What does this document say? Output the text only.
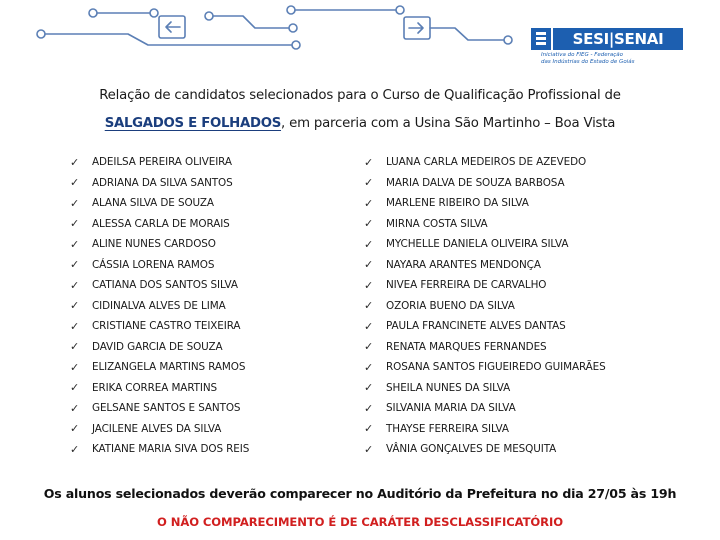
SESI|SENAI
Iniciativa do FIEG - Federação
das Indústrias do Estado de Goiás
Relação de candidatos selecionados para o Curso de Qualificação Profissional de
SALGADOS E FOLHADOS, em parceria com a Usina São Martinho – Boa Vista
✓	ADEILSA PEREIRA OLIVEIRA
✓	ADRIANA DA SILVA SANTOS
✓	ALANA SILVA DE SOUZA
✓	ALESSA CARLA DE MORAIS
✓	ALINE NUNES CARDOSO
✓	CÁSSIA LORENA RAMOS
✓	CATIANA DOS SANTOS SILVA
✓	CIDINALVA ALVES DE LIMA
✓	CRISTIANE CASTRO TEIXEIRA
✓	DAVID GARCIA DE SOUZA
✓	ELIZANGELA MARTINS RAMOS
✓	ERIKA CORREA MARTINS
✓	GELSANE SANTOS E SANTOS
✓	JACILENE ALVES DA SILVA
✓	KATIANE MARIA SIVA DOS REIS
✓	LUANA CARLA MEDEIROS DE AZEVEDO
✓	MARIA DALVA DE SOUZA BARBOSA
✓	MARLENE RIBEIRO DA SILVA
✓	MIRNA COSTA SILVA
✓	MYCHELLE DANIELA OLIVEIRA SILVA
✓	NAYARA ARANTES MENDONÇA
✓	NIVEA FERREIRA DE CARVALHO
✓	OZORIA BUENO DA SILVA
✓	PAULA FRANCINETE ALVES DANTAS
✓	RENATA MARQUES FERNANDES
✓	ROSANA SANTOS FIGUEIREDO GUIMARÃES
✓	SHEILA NUNES DA SILVA
✓	SILVANIA MARIA DA SILVA
✓	THAYSE FERREIRA SILVA
✓	VÂNIA GONÇALVES DE MESQUITA
Os alunos selecionados deverão comparecer no Auditório da Prefeitura no dia 27/05 às 19h
O NÃO COMPARECIMENTO É DE CARÁTER DESCLASSIFICATÓRIO
